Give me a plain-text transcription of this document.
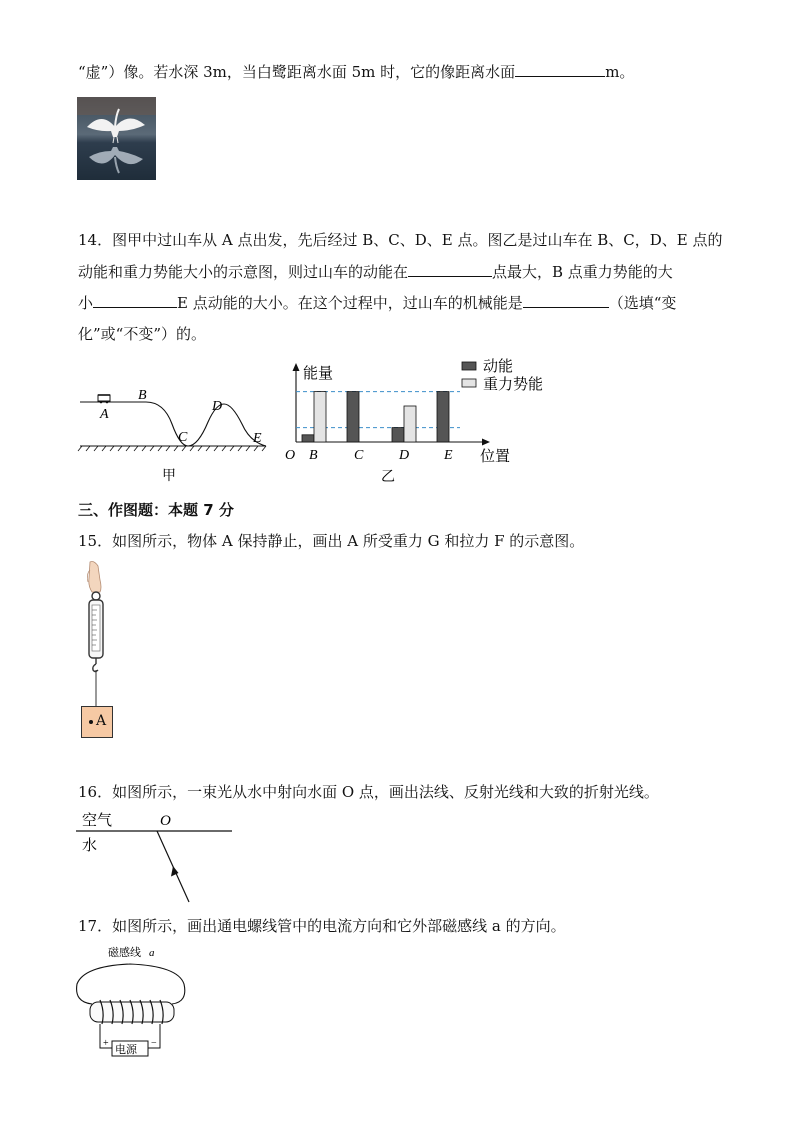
“虚”）像。若水深 3m，当白鹭距离水面 5m 时，它的像距离水面	m。
14．图甲中过山车从 A 点出发，先后经过 B、C、D、E 点。图乙是过山车在 B、C，D、E 点的
动能和重力势能大小的示意图，则过山车的动能在	点最大，B 点重力势能的大
小	E 点动能的大小。在这个过程中，过山车的机械能是	（选填“变
化”或“不变”）的。
A
B
C
D
E
甲
能量
位置
O
动能
重力势能
B	C	D E
乙
三、作图题：本题 7 分
15．如图所示，物体 A 保持静止，画出 A 所受重力 G 和拉力 F 的示意图。
A
16．如图所示，一束光从水中射向水面 O 点，画出法线、反射光线和大致的折射光线。
空气
水
O
17．如图所示，画出通电螺线管中的电流方向和它外部磁感线 a 的方向。
磁感线 a
电源
+	−
